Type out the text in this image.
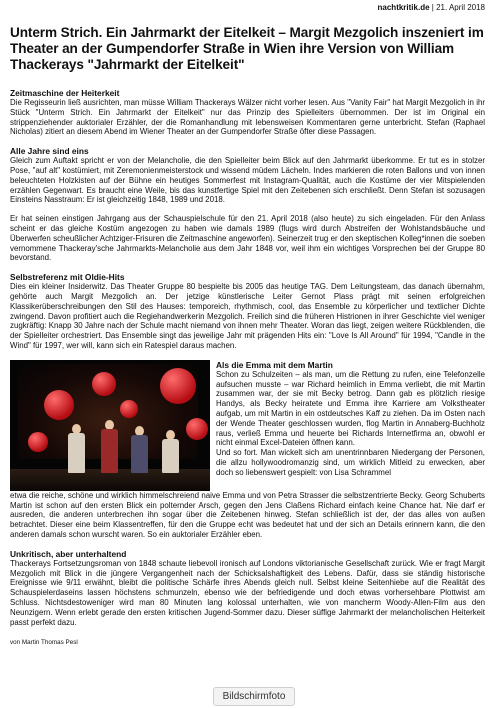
nachtkritik.de | 21. April 2018
Unterm Strich. Ein Jahrmarkt der Eitelkeit – Margit Mezgolich inszeniert im Theater an der Gumpendorfer Straße in Wien ihre Version von William Thackerays "Jahrmarkt der Eitelkeit"

Zeitmaschine der Heiterkeit

Die Regisseurin ließ ausrichten, man müsse William Thackerays Wälzer nicht vorher lesen. Aus "Vanity Fair" hat Margit Mezgolich in ihr Stück "Unterm Strich. Ein Jahrmarkt der Eitelkeit" nur das Prinzip des Spielleiters übernommen. Der ist im Original ein strippenziehender auktorialer Erzähler, der die Romanhandlung mit lebensweisen Kommentaren gerne unterbricht. Stefan (Raphael Nicholas) zitiert an diesem Abend im Wiener Theater an der Gumpendorfer Straße öfter diese Passagen.

Alle Jahre sind eins

Gleich zum Auftakt spricht er von der Melancholie, die den Spielleiter beim Blick auf den Jahrmarkt überkomme. Er tut es in stolzer Pose, "auf alt" kostümiert, mit Zeremonienmeisterstock und wissend müdem Lächeln. Indes markieren die roten Ballons und von innen beleuchteten Holzkisten auf der Bühne ein heutiges Sommerfest mit Instagram-Qualität, auch die Kostüme der vier Mitspielenden erzählen Gegenwart. Es braucht eine Weile, bis das kunstfertige Spiel mit den Zeitebenen sich erschließt. Denn Stefan ist sozusagen Einsteins Nasstraum: Er ist gleichzeitig 1848, 1989 und 2018.

Er hat seinen einstigen Jahrgang aus der Schauspielschule für den 21. April 2018 (also heute) zu sich eingeladen. Für den Anlass scheint er das gleiche Kostüm angezogen zu haben wie damals 1989 (flugs wird durch Abstreifen der Wohlstandsbäuche und Überwerfen scheußlicher Achtziger-Frisuren die Zeitmaschine angeworfen). Seinerzeit trug er den skeptischen Kolleg*innen die soeben vernommene Thackeray'sche Jahrmarkts-Melancholie aus dem Jahr 1848 vor, weil ihm ein wichtiges Vorsprechen bei der Gruppe 80 bevorstand.

Selbstreferenz mit Oldie-Hits

Dies ein kleiner Insiderwitz. Das Theater Gruppe 80 bespielte bis 2005 das heutige TAG. Dem Leitungsteam, das danach übernahm, gehörte auch Margit Mezgolich an. Der jetzige künstlerische Leiter Gernot Plass prägt mit seinen erfolgreichen Klassikerüberschreibungen den Stil des Hauses: temporeich, rhythmisch, cool, das Ensemble zu körperlicher und textlicher Dichte zwingend. Davon profitiert auch die Regiehandwerkerin Mezgolich. Freilich sind die früheren Histrionen in ihrer Geschichte viel weniger zugkräftig: Knapp 30 Jahre nach der Schule macht niemand von ihnen mehr Theater. Woran das liegt, zeigen weitere Rückblenden, die der Spielleiter orchestriert. Das Ensemble singt das jeweilige Jahr mit prägenden Hits ein: "Love Is All Around" für 1994, "Candle in the Wind" für 1997, wer will, kann sich ein Ratespiel daraus machen.

Als die Emma mit dem Martin

Schon zu Schulzeiten – als man, um die Rettung zu rufen, eine Telefonzelle aufsuchen musste – war Richard heimlich in Emma verliebt, die mit Martin zusammen war, der sie mit Becky betrog. Dann gab es plötzlich riesige Handys, als Becky heiratete und Emma ihre Karriere am Volkstheater aufgab, um mit Martin in ein ostdeutsches Kaff zu ziehen. Da im Osten nach der Wende Theater geschlossen wurden, flog Martin in Annaberg-Buchholz raus, verließ Emma und heuerte bei Richards Internetfirma an, obwohl er nicht einmal Excel-Dateien öffnen kann.

Und so fort. Man wickelt sich am unentrinnbaren Niedergang der Personen, die allzu hollywoodromanzig sind, um wirklich Mitleid zu erwecken, aber doch so liebenswert gespielt: von Lisa Schrammel

etwa die reiche, schöne und wirklich himmelschreiend naive Emma und von Petra Strasser die selbstzentrierte Becky. Georg Schuberts Martin ist schon auf den ersten Blick ein polternder Arsch, gegen den Jens Claßens Richard einfach keine Chance hat. Nie darf er ausreden, die anderen unterbrechen ihn sogar über die Zeitebenen hinweg. Stefan schließlich ist der, der das alles von außen betrachtet. Dieser eine beim Klassentreffen, für den die Gruppe echt was bedeutet hat und der sich an Details erinnern kann, die den anderen damals schon wurscht waren. So ein auktorialer Erzähler eben.

Unkritisch, aber unterhaltend

Thackerays Fortsetzungsroman von 1848 schaute liebevoll ironisch auf Londons viktorianische Gesellschaft zurück. Wie er fragt Margit Mezgolich mit Blick in die jüngere Vergangenheit nach der Schicksalshaftigkeit des Lebens. Dafür, dass sie ständig historische Ereignisse wie 9/11 erwähnt, bleibt die politische Schärfe ihres Abends gleich null. Selbst kleine Seitenhiebe auf die Realität des Schauspielerdaseins lassen höchstens schmunzeln, ebenso wie der befriedigende und doch etwas vorhersehbare Plottwist am Schluss. Nichtsdestoweniger wird man 80 Minuten lang kolossal unterhalten, wie von mancherm Woody-Allen-Film aus den Neunzigern. Wenn erlebt gerade den ersten kritischen Jugend-Sommer dazu. Dieser süffige Jahrmarkt der melancholischen Heiterkeit passt perfekt dazu.

von Martin Thomas Pesl
Bildschirmfoto
